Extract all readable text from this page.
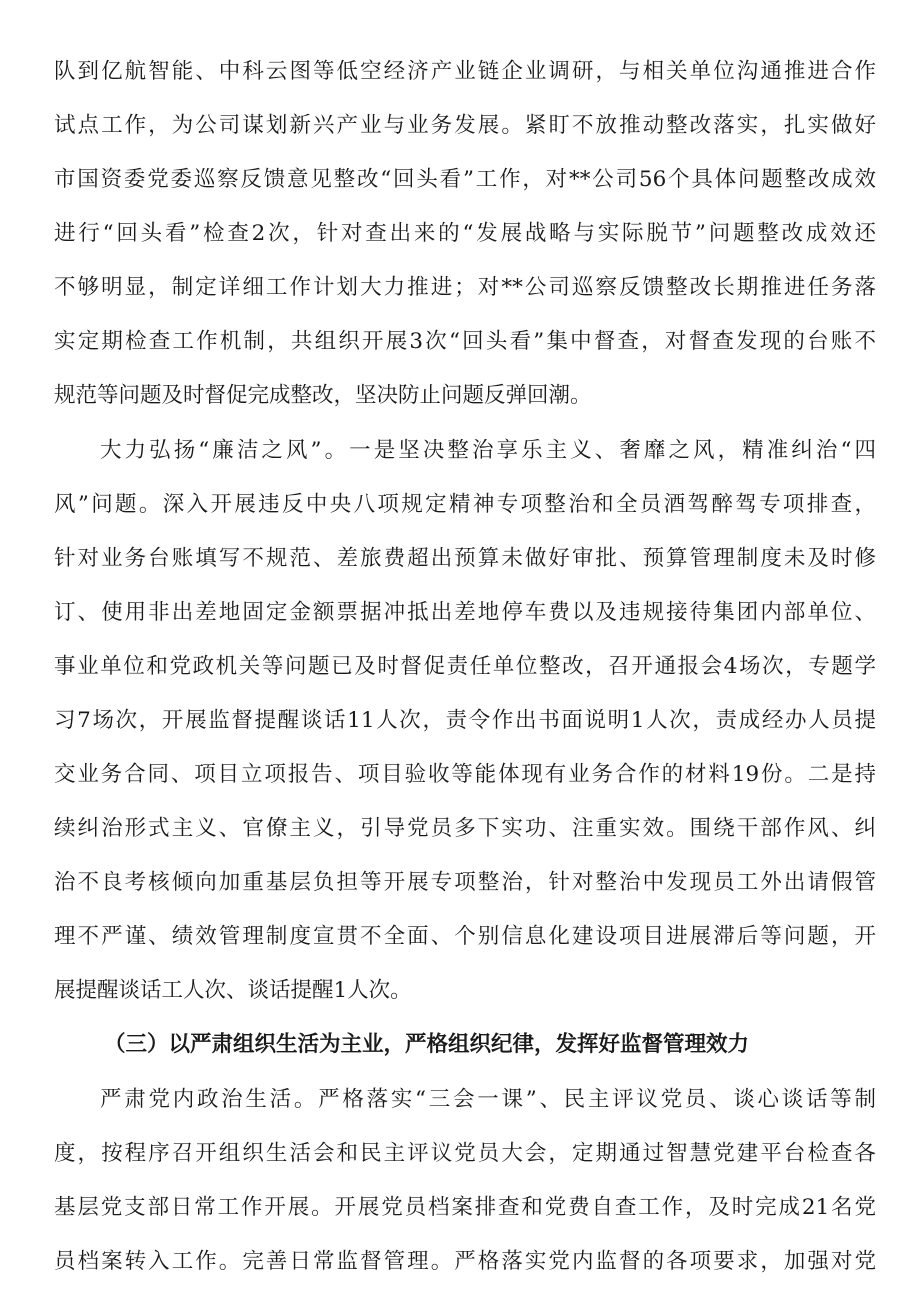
队到亿航智能、中科云图等低空经济产业链企业调研，与相关单位沟通推进合作
试点工作，为公司谋划新兴产业与业务发展。紧盯不放推动整改落实，扎实做好
市国资委党委巡察反馈意见整改“回头看”工作，对**公司56个具体问题整改成效
进行“回头看”检查2次，针对查出来的“发展战略与实际脱节”问题整改成效还
不够明显，制定详细工作计划大力推进；对**公司巡察反馈整改长期推进任务落
实定期检查工作机制，共组织开展3次“回头看”集中督查，对督查发现的台账不
规范等问题及时督促完成整改，坚决防止问题反弹回潮。
大力弘扬“廉洁之风”。一是坚决整治享乐主义、奢靡之风，精准纠治“四
风”问题。深入开展违反中央八项规定精神专项整治和全员酒驾醉驾专项排查，
针对业务台账填写不规范、差旅费超出预算未做好审批、预算管理制度未及时修
订、使用非出差地固定金额票据冲抵出差地停车费以及违规接待集团内部单位、
事业单位和党政机关等问题已及时督促责任单位整改，召开通报会4场次，专题学
习7场次，开展监督提醒谈话11人次，责令作出书面说明1人次，责成经办人员提
交业务合同、项目立项报告、项目验收等能体现有业务合作的材料19份。二是持
续纠治形式主义、官僚主义，引导党员多下实功、注重实效。围绕干部作风、纠
治不良考核倾向加重基层负担等开展专项整治，针对整治中发现员工外出请假管
理不严谨、绩效管理制度宣贯不全面、个别信息化建设项目进展滞后等问题，开
展提醒谈话工人次、谈话提醒1人次。
（三）以严肃组织生活为主业，严格组织纪律，发挥好监督管理效力
严肃党内政治生活。严格落实“三会一课”、民主评议党员、谈心谈话等制
度，按程序召开组织生活会和民主评议党员大会，定期通过智慧党建平台检查各
基层党支部日常工作开展。开展党员档案排查和党费自查工作，及时完成21名党
员档案转入工作。完善日常监督管理。严格落实党内监督的各项要求，加强对党
